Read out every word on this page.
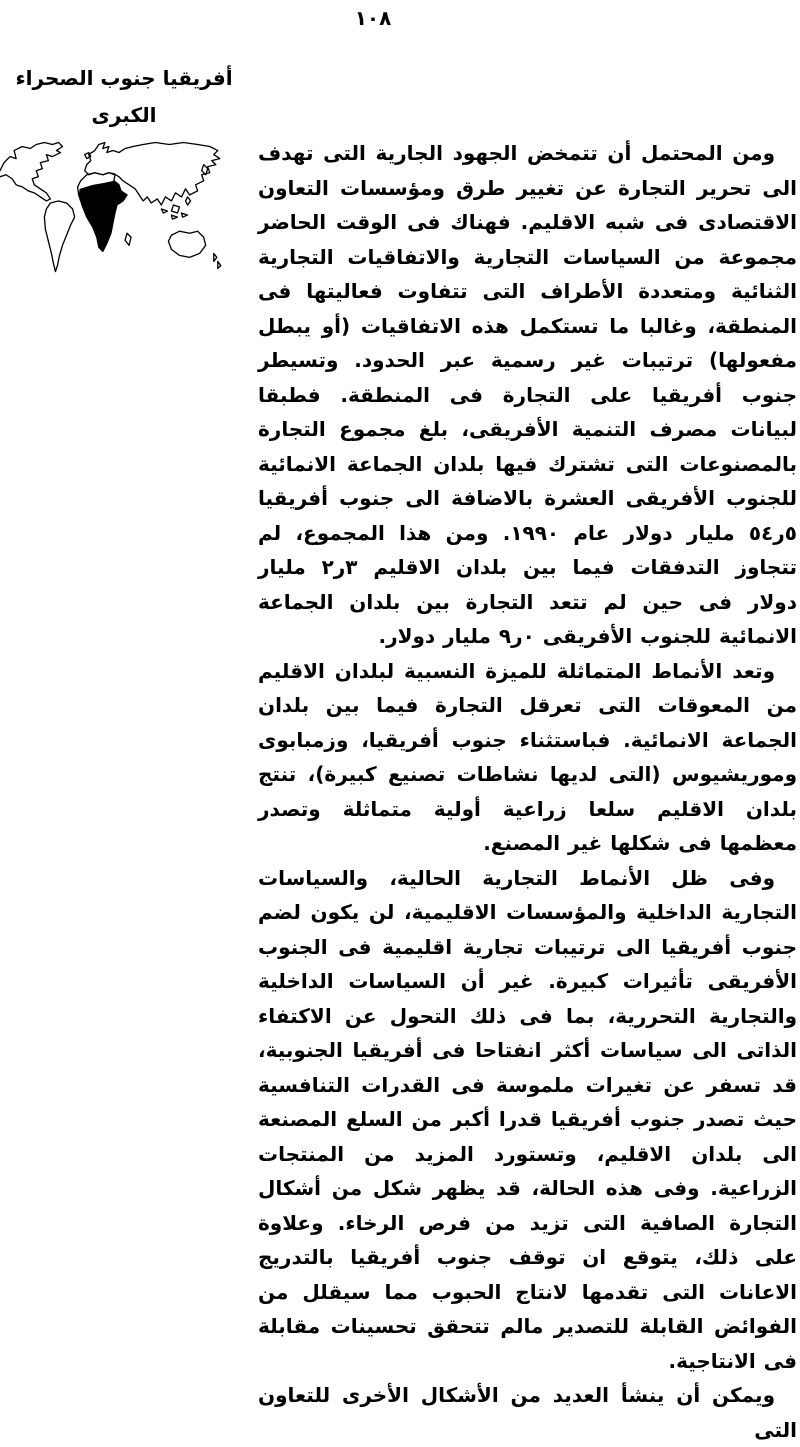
١٠٨
أفريقيا جنوب الصحراء
الكبرى

ومن المحتمل أن تتمخض الجهود الجارية التى تهدف الى تحرير التجارة عن تغيير طرق ومؤسسات التعاون الاقتصادى فى شبه الاقليم. فهناك فى الوقت الحاضر مجموعة من السياسات التجارية والاتفاقيات التجارية الثنائية ومتعددة الأطراف التى تتفاوت فعاليتها فى المنطقة، وغالبا ما تستكمل هذه الاتفاقيات (أو يبطل مفعولها) ترتيبات غير رسمية عبر الحدود. وتسيطر جنوب أفريقيا على التجارة فى المنطقة. فطبقا لبيانات مصرف التنمية الأفريقى، بلغ مجموع التجارة بالمصنوعات التى تشترك فيها بلدان الجماعة الانمائية للجنوب الأفريقى العشرة بالاضافة الى جنوب أفريقيا ٥ر٥٤ مليار دولار عام ١٩٩٠. ومن هذا المجموع، لم تتجاوز التدفقات فيما بين بلدان الاقليم ٣ر٢ مليار دولار فى حين لم تتعد التجارة بين بلدان الجماعة الانمائية للجنوب الأفريقى ٠ر٩ مليار دولار.

وتعد الأنماط المتماثلة للميزة النسبية لبلدان الاقليم من المعوقات التى تعرقل التجارة فيما بين بلدان الجماعة الانمائية. فباستثناء جنوب أفريقيا، وزمبابوى وموريشيوس (التى لديها نشاطات تصنيع كبيرة)، تنتج بلدان الاقليم سلعا زراعية أولية متماثلة وتصدر معظمها فى شكلها غير المصنع.

وفى ظل الأنماط التجارية الحالية، والسياسات التجارية الداخلية والمؤسسات الاقليمية، لن يكون لضم جنوب أفريقيا الى ترتيبات تجارية اقليمية فى الجنوب الأفريقى تأثيرات كبيرة. غير أن السياسات الداخلية والتجارية التحررية، بما فى ذلك التحول عن الاكتفاء الذاتى الى سياسات أكثر انفتاحا فى أفريقيا الجنوبية، قد تسفر عن تغيرات ملموسة فى القدرات التنافسية حيث تصدر جنوب أفريقيا قدرا أكبر من السلع المصنعة الى بلدان الاقليم، وتستورد المزيد من المنتجات الزراعية. وفى هذه الحالة، قد يظهر شكل من أشكال التجارة الصافية التى تزيد من فرص الرخاء. وعلاوة على ذلك، يتوقع ان توقف جنوب أفريقيا بالتدريج الاعانات التى تقدمها لانتاج الحبوب مما سيقلل من الفوائض القابلة للتصدير مالم تتحقق تحسينات مقابلة فى الانتاجية.

ويمكن أن ينشأ العديد من الأشكال الأخرى للتعاون التى
